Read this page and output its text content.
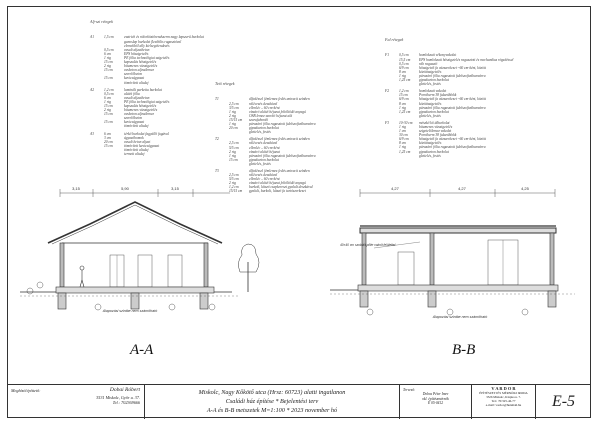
Alj-szi rétegek

A1	1,5 cm	esztrich és ridorköztőrendszerm nagy lapszerű burkolat
ganoslap burkolat flexibilis ragasztóval
elemekből ally kielsegétendezés
0,5 cm	vasalt aljzatbeton
6 cm	EPS hőszigetelés
1 rtg	PE fólia technológiai szigetelés
15 cm	kapszulás hőszigetelés
2 rtg	bitumenes vízszigetelés
15 cm	vasbeton aljzatlemez
szerelőbeton
15 cm	kavicságyazat
tömörített altalaj
A2	1,2 cm	laminált parketta burkolat
0,5 cm	alátét fólia
6 cm	vasalt aljzatbeton
1 rtg	PE fólia technológiai szigetelés
15 cm	kapszulás hőszigetelés
2 rtg	bitumenes vízszigetelés
15 cm	vasbeton aljzatlemez
szerelőbeton
15 cm	kavicságyazat
tömörített altalaj
A3	6 cm	térkő burkolat fagyálló fugával
3 cm	ágyazóhomok
20 cm	vasalt beton aljzat
15 cm	tömörített kavicságyazat
tömörített altalaj
termett altalaj

Tető rétegek

T1	álfedéssel fémlemez fedés antracit színben
2,5 cm	rálécezés deszkával
3/5 cm	ellenléc – 60 cm-ként
1 rtg	vízzáró alátét héjazat feltöltődő anyagú
2 rtg	OSB lemez szorító héjazat alá
15/15 cm szarufahordó
1 rtg	párazáró fólia ragasztott falelszoftvábanvárra
20 cm	gipszkarton burkolat
glettelés, festés
T2	álfedéssel fémlemez fedés antracit színben
2,5 cm	rálécezés deszkával
5/5 cm	ellenléc – 60 cm-ként
2 rtg	vízzáró alátét héjazat
1 rtg	párazáró fólia ragasztott falelszoftvábanvárra
15 cm	gipszkarton burkolat
glettelés, festés
T3	álfedéssel fémlemez fedés antracit színben
2,5 cm	rálécezés deszkával
5/5 cm	ellenléc – 60 cm-ként
2 rtg	vízzáró alátét héjazat feltöltődő anyagú
1,2 cm	burkolt, látszó csapkereszt gyalult deszkával
15/15 cm gyalult, burkolt, látszó fa tartószerkezet

Fal rétegek

F1	0,5 cm	homlokzati vékonyvakolat
15,5 cm EPS homlokzati hőszigetelés ragasztott és mechanikus rögzítéssel
0,5 cm	ráb ragasztó
6/9 cm	hőszigetelt fa vázszerkezet ~60 cm-ként, között
8 cm	közöttszigetelés
1 rtg	párazáró fólia ragasztott falelszoftvábanvárra
1,25 cm gipszkarton burkolat
glettelés, festés
F2	1,2 cm	homlokzati vakolat
15 cm	Porotherm 38 falazóblokk
6/9 cm	hőszigetelt fa vázszerkezet ~60 cm-ként, között
8 cm	közöttszigetelés
1 rtg	párazáró fólia ragasztott falelszoftvábanvárra
1,25 cm gipszkarton burkolat
glettelés, festés
F3	10-30 cm mészkő kő álburkolat
1 rtg	bitumenes vízszigetelés
1 cm	szigetelőlemez vakolat
30 cm	Porotherm 38 falazóblokk
6/9 cm	hőszigetelt fa vázszerkezet ~60 cm-ként, között
8 cm	közöttszigetelés
1 rtg	párazáró fólia ragasztott falelszoftvábanvárra
1,25 cm gipszkarton burkolat
glettelés, festés

3,15	5,90	3,15	4,27	4,27	4,25
Alapozási szintbe nem számítható
Alapozási szintbe nem számítható
40×40 cm szoldált pillér vakolt felülettel
A-A	B-B
Megbízó/építtető:	Dobai Róbert
3531 Miskolc, Győr u. 37.
Tel.: 702369666
Miskolc, Nagy Kőkötő utca (Hrsz: 60723) alatti ingatlanon
Családi ház építése * Bejelentési terv
A-A és B-B metszetek M=1:100 * 2023 november hó
Tervező:
Dobos Péter Imre
okl. építészmérnök
É 05-0412
V A R D O R
ÉPÍTÉSZETI ÉS MÉRNÖKI IRODA
3526 Miskolc, Klapka u. 7.
Tel.: 70/325-46-77
e-mail: vardor@hunmail.hu	E-5
